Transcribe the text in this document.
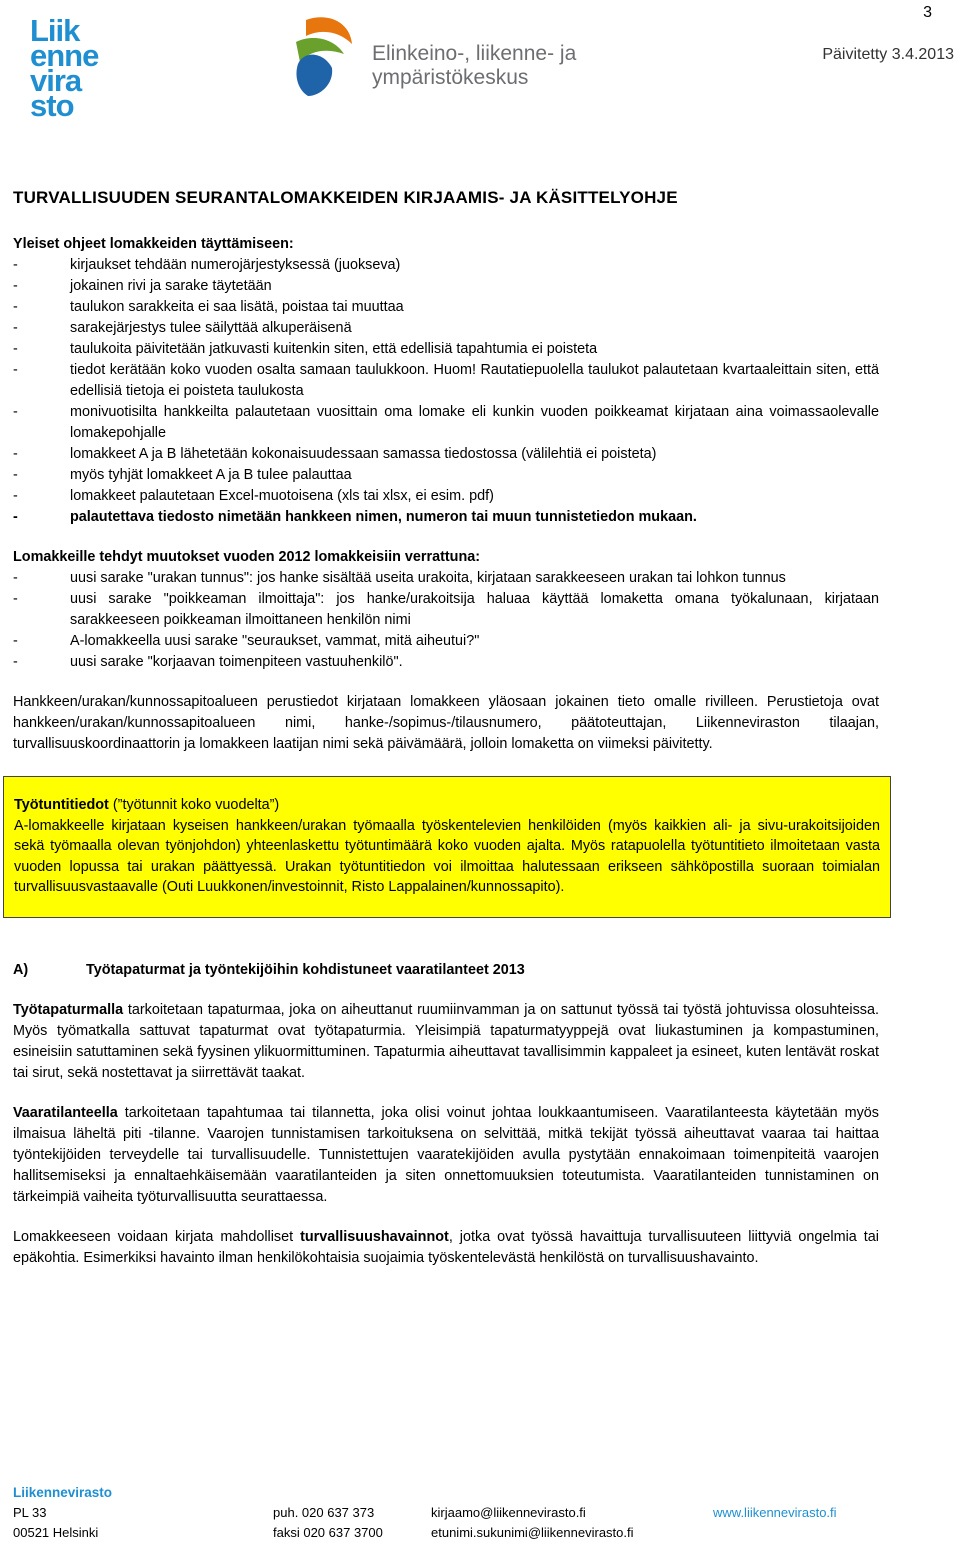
Liik
enne
vira
sto
Elinkeino-, liikenne- ja
ympäristökeskus
3
Päivitetty 3.4.2013
TURVALLISUUDEN SEURANTALOMAKKEIDEN KIRJAAMIS- JA KÄSITTELYOHJE

Yleiset ohjeet lomakkeiden täyttämiseen:

- kirjaukset tehdään numerojärjestyksessä (juokseva)
- jokainen rivi ja sarake täytetään
- taulukon sarakkeita ei saa lisätä, poistaa tai muuttaa
- sarakejärjestys tulee säilyttää alkuperäisenä
- taulukoita päivitetään jatkuvasti kuitenkin siten, että edellisiä tapahtumia ei poisteta
- tiedot kerätään koko vuoden osalta samaan taulukkoon. Huom! Rautatiepuolella taulukot palautetaan kvartaaleittain siten, että edellisiä tietoja ei poisteta taulukosta
- monivuotisilta hankkeilta palautetaan vuosittain oma lomake eli kunkin vuoden poikkeamat kirjataan aina voimassaolevalle lomakepohjalle
- lomakkeet A ja B lähetetään kokonaisuudessaan samassa tiedostossa (välilehtiä ei poisteta)
- myös tyhjät lomakkeet A ja B tulee palauttaa
- lomakkeet palautetaan Excel-muotoisena (xls tai xlsx, ei esim. pdf)
- palautettava tiedosto nimetään hankkeen nimen, numeron tai muun tunnistetiedon mukaan.

Lomakkeille tehdyt muutokset vuoden 2012 lomakkeisiin verrattuna:

- uusi sarake "urakan tunnus": jos hanke sisältää useita urakoita, kirjataan sarakkeeseen urakan tai lohkon tunnus
- uusi sarake "poikkeaman ilmoittaja": jos hanke/urakoitsija haluaa käyttää lomaketta omana työkalunaan, kirjataan sarakkeeseen poikkeaman ilmoittaneen henkilön nimi
- A-lomakkeella uusi sarake "seuraukset, vammat, mitä aiheutui?"
- uusi sarake "korjaavan toimenpiteen vastuuhenkilö".

Hankkeen/urakan/kunnossapitoalueen perustiedot kirjataan lomakkeen yläosaan jokainen tieto omalle rivilleen. Perustietoja ovat hankkeen/urakan/kunnossapitoalueen nimi, hanke-/sopimus-/tilausnumero, päätoteuttajan, Liikenneviraston tilaajan, turvallisuuskoordinaattorin ja lomakkeen laatijan nimi sekä päivämäärä, jolloin lomaketta on viimeksi päivitetty.

Työtuntitiedot (”työtunnit koko vuodelta”)
A-lomakkeelle kirjataan kyseisen hankkeen/urakan työmaalla työskentelevien henkilöiden (myös kaikkien ali- ja sivu-urakoitsijoiden sekä työmaalla olevan työnjohdon) yhteenlaskettu työtuntimäärä koko vuoden ajalta. Myös ratapuolella työtuntitieto ilmoitetaan vasta vuoden lopussa tai urakan päättyessä. Urakan työtuntitiedon voi ilmoittaa halutessaan erikseen sähköpostilla suoraan toimialan turvallisuusvastaavalle (Outi Luukkonen/investoinnit, Risto Lappalainen/kunnossapito).
A)	Työtapaturmat ja työntekijöihin kohdistuneet vaaratilanteet 2013

Työtapaturmalla tarkoitetaan tapaturmaa, joka on aiheuttanut ruumiinvamman ja on sattunut työssä tai työstä johtuvissa olosuhteissa. Myös työmatkalla sattuvat tapaturmat ovat työtapaturmia. Yleisimpiä tapaturmatyyppejä ovat liukastuminen ja kompastuminen, esineisiin satuttaminen sekä fyysinen ylikuormittuminen. Tapaturmia aiheuttavat tavallisimmin kappaleet ja esineet, kuten lentävät roskat tai sirut, sekä nostettavat ja siirrettävät taakat.

Vaaratilanteella tarkoitetaan tapahtumaa tai tilannetta, joka olisi voinut johtaa loukkaantumiseen. Vaaratilanteesta käytetään myös ilmaisua läheltä piti -tilanne. Vaarojen tunnistamisen tarkoituksena on selvittää, mitkä tekijät työssä aiheuttavat vaaraa tai haittaa työntekijöiden terveydelle tai turvallisuudelle. Tunnistettujen vaaratekijöiden avulla pystytään ennakoimaan toimenpiteitä vaarojen hallitsemiseksi ja ennaltaehkäisemään vaaratilanteiden ja siten onnettomuuksien toteutumista. Vaaratilanteiden tunnistaminen on tärkeimpiä vaiheita työturvallisuutta seurattaessa.

Lomakkeeseen voidaan kirjata mahdolliset turvallisuushavainnot, jotka ovat työssä havaittuja turvallisuuteen liittyviä ongelmia tai epäkohtia. Esimerkiksi havainto ilman henkilökohtaisia suojaimia työskentelevästä henkilöstä on turvallisuushavainto.

Liikennevirasto
PL 33	puh. 020 637 373	kirjaamo@liikennevirasto.fi	www.liikennevirasto.fi
00521 Helsinki	faksi 020 637 3700	etunimi.sukunimi@liikennevirasto.fi
